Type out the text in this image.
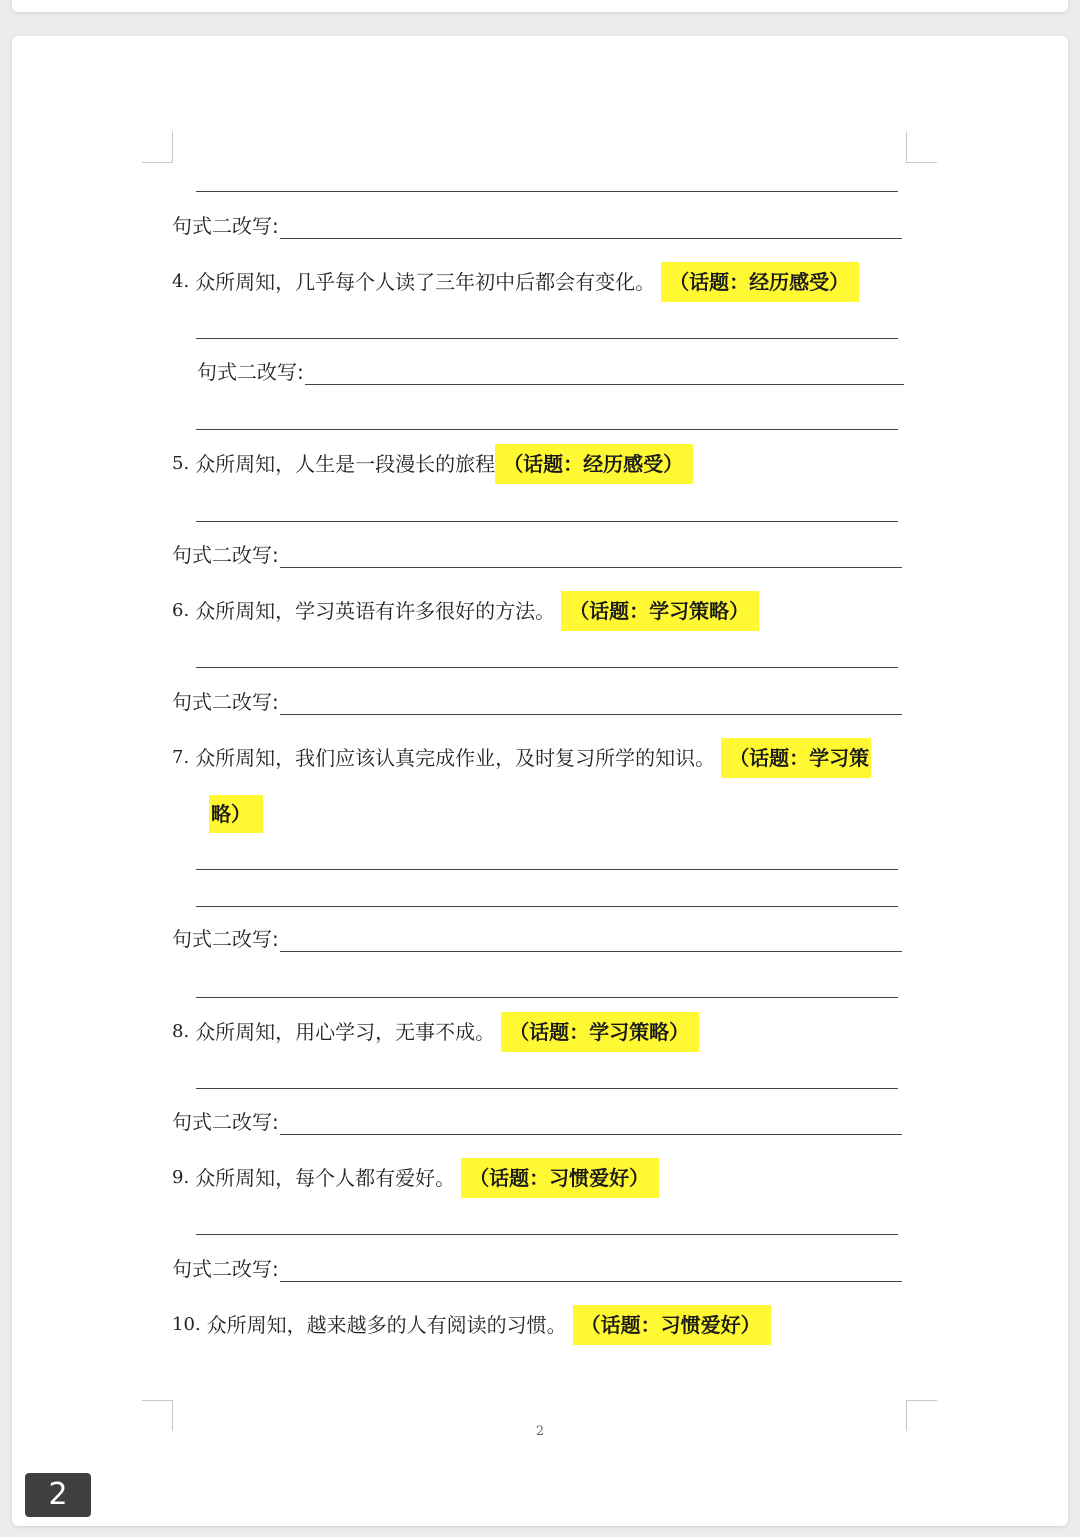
句式二改写:
4. 众所周知，几乎每个人读了三年初中后都会有变化。 （话题：经历感受）
句式二改写:
5. 众所周知，人生是一段漫长的旅程 （话题：经历感受）
句式二改写:
6. 众所周知，学习英语有许多很好的方法。 （话题：学习策略）
句式二改写:
7. 众所周知，我们应该认真完成作业，及时复习所学的知识。 （话题：学习策
略）
句式二改写:
8. 众所周知，用心学习，无事不成。 （话题：学习策略）
句式二改写:
9. 众所周知，每个人都有爱好。 （话题：习惯爱好）
句式二改写:
10. 众所周知，越来越多的人有阅读的习惯。 （话题：习惯爱好）
2
2
